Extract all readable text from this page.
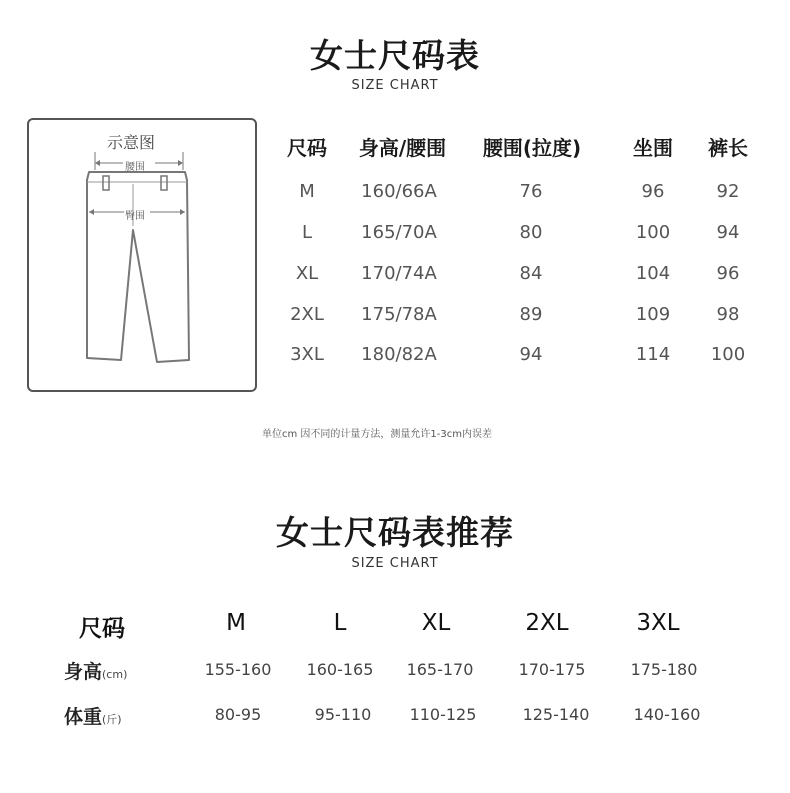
女士尺码表
SIZE CHART
示意图
腰围
臀围
尺码	身高/腰围	腰围(拉度)	坐围	裤长
M	160/66A	76	96	92
L	165/70A	80	100	94
XL	170/74A	84	104	96
2XL	175/78A	89	109	98
3XL	180/82A	94	114	100
单位cm 因不同的计量方法，测量允许1-3cm内误差
女士尺码表推荐
SIZE CHART
尺码	M	L	XL	2XL	3XL
身高(cm)	155-160	160-165	165-170	170-175	175-180
体重(斤)	80-95	95-110	110-125	125-140	140-160
